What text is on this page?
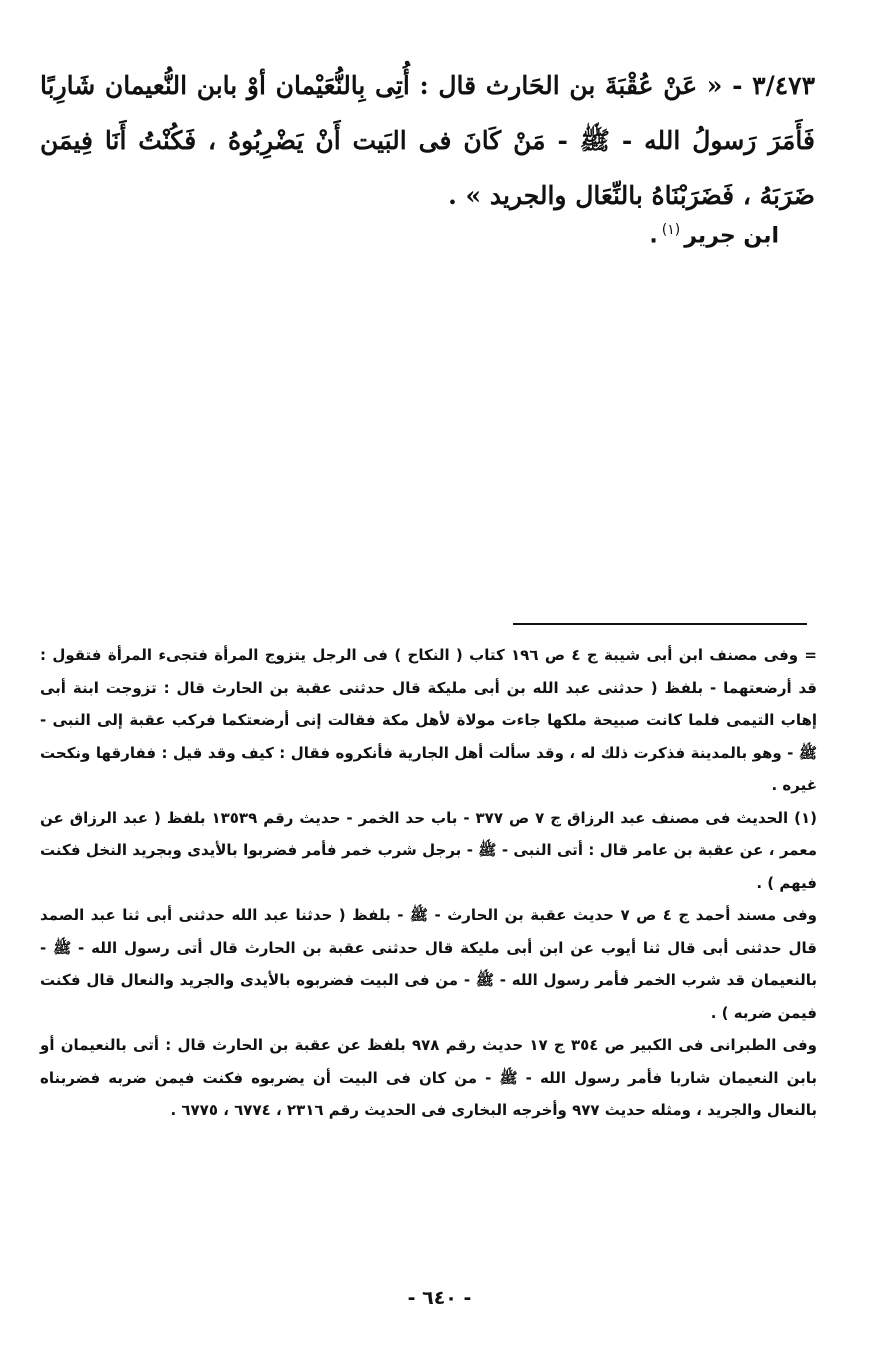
٣/٤٧٣ - « عَنْ عُقْبَةَ بن الحَارث قال : أُتِى بِالنُّعَيْمان أوْ بابن النُّعيمان شَارِبًا فَأَمَرَ رَسولُ الله - ﷺ - مَنْ كَانَ فى البَيت أَنْ يَضْرِبُوهُ ، فَكُنْتُ أَنَا فِيمَن ضَرَبَهُ ، فَضَرَبْنَاهُ بالنِّعَال والجريد » .

ابن جرير$^{(١)}$.

= وفى مصنف ابن أبى شيبة ج ٤ ص ١٩٦ كتاب ( النكاح ) فى الرجل يتزوج المرأة فتجىء المرأة فتقول : قد أرضعتهما - بلفظ ( حدثنى عبد الله بن أبى مليكة قال حدثنى عقبة بن الحارث قال : تزوجت ابنة أبى إهاب التيمى فلما كانت صبيحة ملكها جاءت مولاة لأهل مكة فقالت إنى أرضعتكما فركب عقبة إلى النبى - ﷺ - وهو بالمدينة فذكرت ذلك له ، وقد سألت أهل الجارية فأنكروه فقال : كيف وقد قيل : ففارقها ونكحت غيره .

(١) الحديث فى مصنف عبد الرزاق ج ٧ ص ٣٧٧ - باب حد الخمر - حديث رقم ١٣٥٣٩ بلفظ ( عبد الرزاق عن معمر ، عن عقبة بن عامر قال : أتى النبى - ﷺ - برجل شرب خمر فأمر فضربوا بالأيدى وبجريد النخل فكنت فيهم ) .

وفى مسند أحمد ج ٤ ص ٧ حديث عقبة بن الحارث - ﷺ - بلفظ ( حدثنا عبد الله حدثنى أبى ثنا عبد الصمد قال حدثنى أبى قال ثنا أيوب عن ابن أبى مليكة قال حدثنى عقبة بن الحارث قال أتى رسول الله - ﷺ - بالنعيمان قد شرب الخمر فأمر رسول الله - ﷺ - من فى البيت فضربوه بالأيدى والجريد والنعال قال فكنت فيمن ضربه ) .

وفى الطبرانى فى الكبير ص ٣٥٤ ج ١٧ حديث رقم ٩٧٨ بلفظ عن عقبة بن الحارث قال : أتى بالنعيمان أو بابن النعيمان شاربا فأمر رسول الله - ﷺ - من كان فى البيت أن يضربوه فكنت فيمن ضربه فضربناه بالنعال والجريد ، ومثله حديث ٩٧٧ وأخرجه البخارى فى الحديث رقم ٢٣١٦ ، ٦٧٧٤ ، ٦٧٧٥ .

- ٦٤٠ -
